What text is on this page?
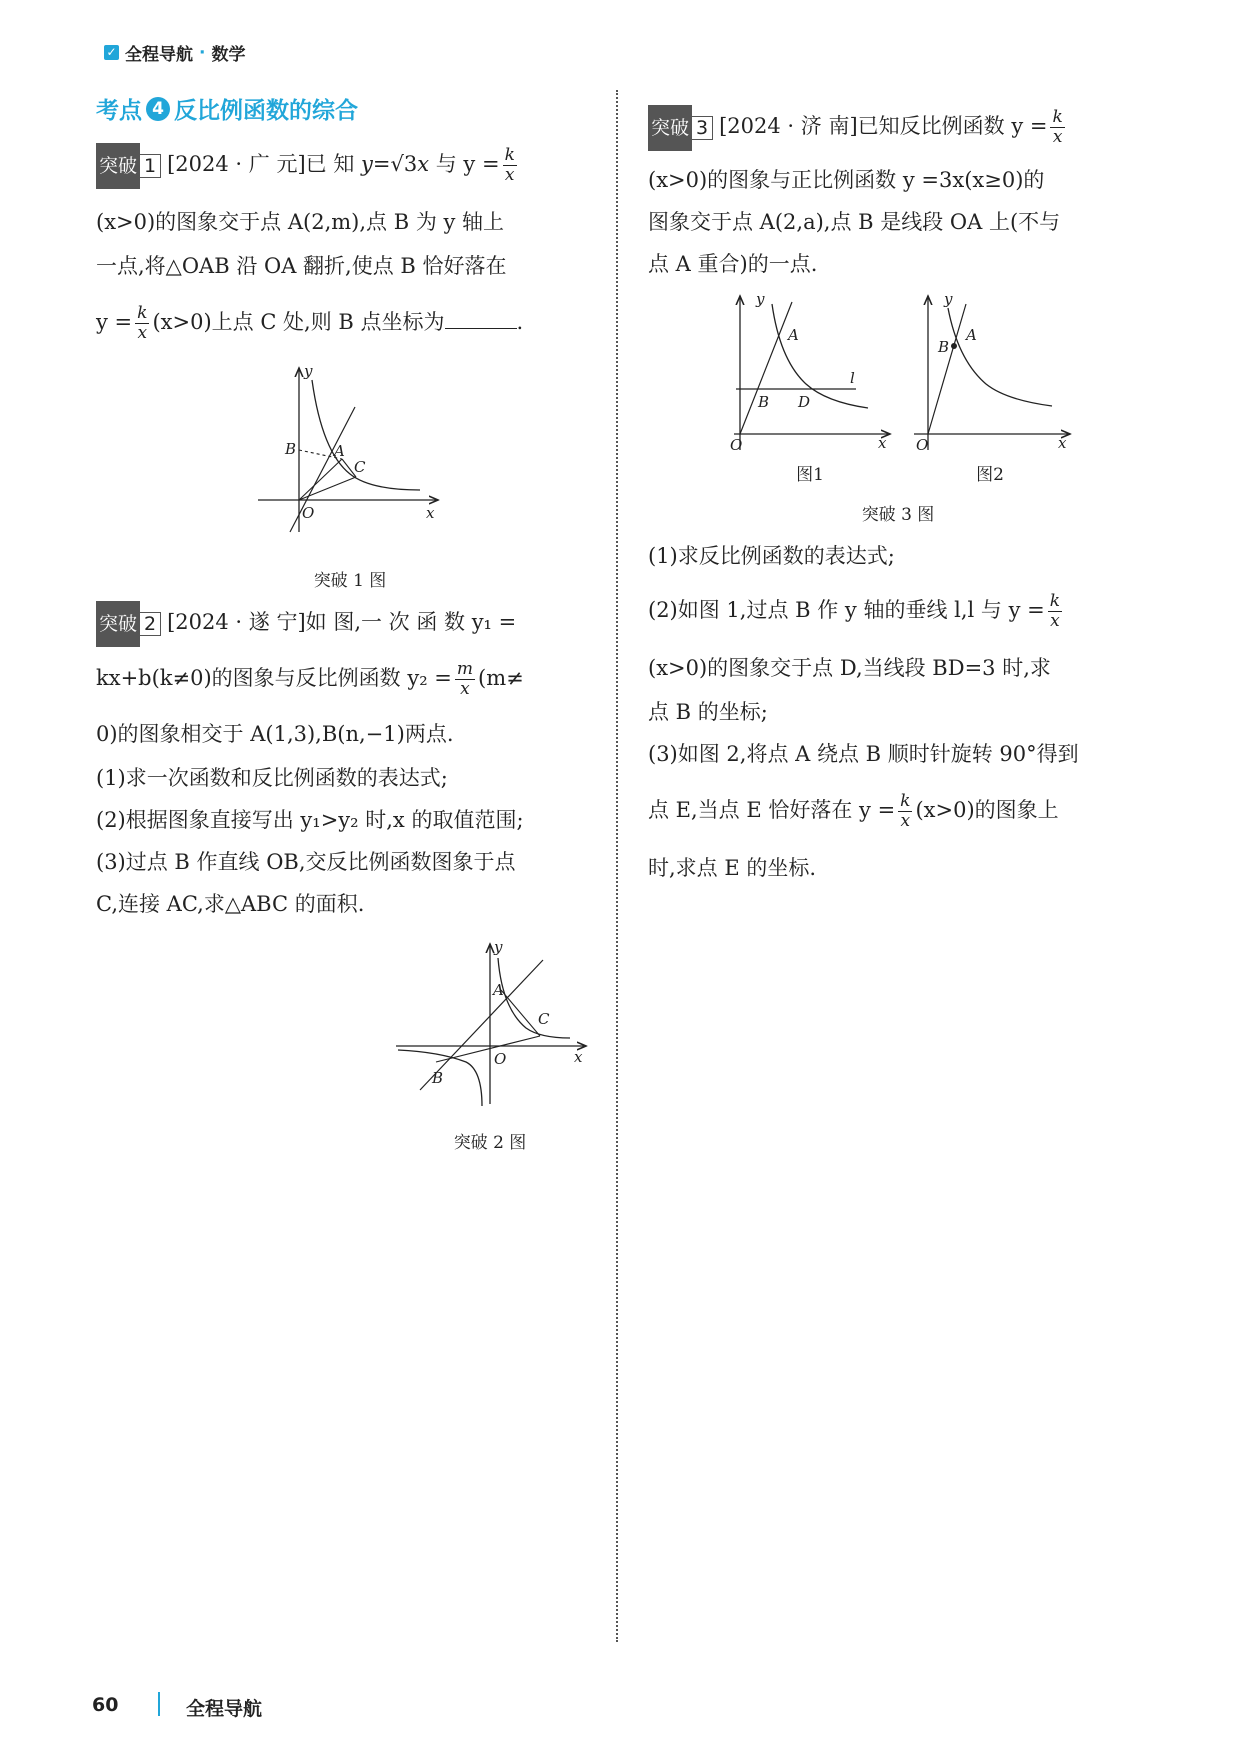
✓ 全程导航 · 数学
考点 4 反比例函数的综合
突破 1 [2024 · 广 元]已 知 y=√3x 与 $y = \frac{k}{x}$
(x>0)的图象交于点 A(2,m),点 B 为 y 轴上
一点,将△OAB 沿 OA 翻折,使点 B 恰好落在
$y = \frac{k}{x} (x>0)$上点 C 处,则 B 点坐标为	.
y
x
O
A
B
C
突破 1 图
突破 2 [2024 · 遂 宁]如 图,一 次 函 数 y₁ =
kx+b(k≠0)的图象与反比例函数 $y_2 = \frac{m}{x} (m\ne$
0)的图象相交于 A(1,3),B(n,−1)两点.
(1)求一次函数和反比例函数的表达式;
(2)根据图象直接写出 y₁>y₂ 时,x 的取值范围;
(3)过点 B 作直线 OB,交反比例函数图象于点
C,连接 AC,求△ABC 的面积.
y
x
O
A
B
C
突破 2 图
突破 3 [2024 · 济 南]已知反比例函数 $y = \frac{k}{x}$
(x>0)的图象与正比例函数 y =3x(x≥0)的
图象交于点 A(2,a),点 B 是线段 OA 上(不与
点 A 重合)的一点.
y
x
O
A
B D
l
图1
y
x
O
A
B
图2
突破 3 图
(1)求反比例函数的表达式;
(2)如图 1,过点 B 作 y 轴的垂线 l,l 与 $y = \frac{k}{x}$
(x>0)的图象交于点 D,当线段 BD=3 时,求
点 B 的坐标;
(3)如图 2,将点 A 绕点 B 顺时针旋转 90°得到
点 E,当点 E 恰好落在 $y = \frac{k}{x} (x>0)$的图象上
时,求点 E 的坐标.
60	全程导航
